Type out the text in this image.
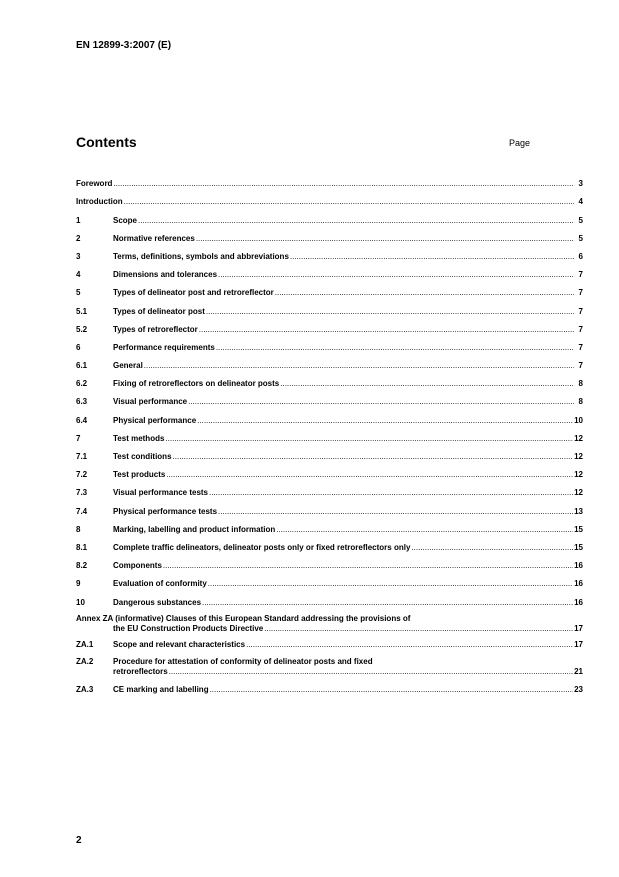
EN 12899-3:2007 (E)
Contents	Page
Foreword .....	3
Introduction .....	4
1	Scope .....	5
2	Normative references .....	5
3	Terms, definitions, symbols and abbreviations .....	6
4	Dimensions and tolerances .....	7
5	Types of delineator post and retroreflector .....	7
5.1	Types of delineator post .....	7
5.2	Types of retroreflector .....	7
6	Performance requirements .....	7
6.1	General .....	7
6.2	Fixing of retroreflectors on delineator posts .....	8
6.3	Visual performance .....	8
6.4	Physical performance .....	10
7	Test methods .....	12
7.1	Test conditions .....	12
7.2	Test products .....	12
7.3	Visual performance tests .....	12
7.4	Physical performance tests .....	13
8	Marking, labelling and product information .....	15
8.1	Complete traffic delineators, delineator posts only or fixed retroreflectors only .....	15
8.2	Components .....	16
9	Evaluation of conformity .....	16
10	Dangerous substances .....	16
Annex ZA (informative) Clauses of this European Standard addressing the provisions of
the EU Construction Products Directive .....	17
ZA.1	Scope and relevant characteristics .....	17
ZA.2	Procedure for attestation of conformity of delineator posts and fixed
retroreflectors .....	21
ZA.3	CE marking and labelling .....	23
2
